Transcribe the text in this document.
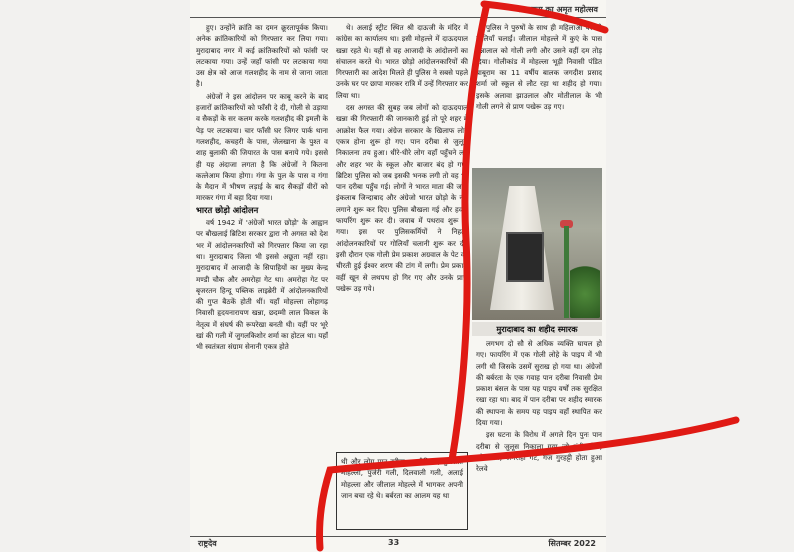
स्वतन्त्रता का अमृत महोत्सव

हुए। उन्होंने क्रांति का दमन क्रूरतापूर्वक किया। अनेक क्रांतिकारियों को गिरफ्तार कर लिया गया। मुरादाबाद नगर में कई क्रांतिकारियों को फांसी पर लटकाया गया। उन्हें जहाँ फांसी पर लटकाया गया उस क्षेत्र को आज गलशहीद के नाम से जाना जाता है।

अंग्रेजों ने इस आंदोलन पर काबू करने के बाद हजारों क्रांतिकारियों को फाँसी दे दी, गोली से उड़ाया व सैकड़ों के सर कलम करके गलशहीद की इमली के पेड़ पर लटकाया। चार फाँसी घर जिगर पार्क थाना गलशहीद, कचहरी के पास, जेलखाना के पुश्त व शाह बुलाकी की जियारत के पास बनाये गये। इससे ही यह अंदाजा लगता है कि अंग्रेजों ने कितना कत्लेआम किया होगा। गंगा के पुल के पास व गंगा के मैदान में भीषण लड़ाई के बाद सैकड़ों वीरों को मारकर गंगा में बहा दिया गया।

भारत छोड़ो आंदोलन

वर्ष 1942 में 'अंग्रेजों भारत छोड़ो' के आह्वान पर बौखलाई ब्रिटिश सरकार द्वारा नौ अगस्त को देश भर में आंदोलनकारियों को गिरफ्तार किया जा रहा था। मुरादाबाद जिला भी इससे अछूता नहीं रहा। मुरादाबाद में आजादी के सिपाहियों का मुख्य केन्द्र मण्डी चौक और अमरोहा गेट था। अमरोहा गेट पर बृजरतन हिन्दू पब्लिक लाइब्रेरी में आंदोलनकारियों की गुप्त बैठकें होती थीं। यहाँ मोहल्ला लोहागढ़ निवासी हृदयनारायण खन्ना, छदम्मी लाल विकल के नेतृत्व में संघर्ष की रूपरेखा बनती थी। यहीं पर भूरे खां की गली में जुगलकिशोर शर्मा का होटल था। यहाँ भी स्वतंत्रता संग्राम सेनानी एकत्र होते

थे। अलाई स्ट्रीट स्थित श्री दाऊजी के मंदिर में कांग्रेस का कार्यालय था। इसी मोहल्ले में दाऊदयाल खन्ना रहते थे। यहीं से वह आजादी के आंदोलनों का संचालन करते थे। भारत छोड़ो आंदोलनकारियों की गिरफ्तारी का आदेश मिलते ही पुलिस ने सबसे पहले उनके घर पर छापा मारकर रात्रि में उन्हें गिरफ्तार कर लिया था।

दस अगस्त की सुबह जब लोगों को दाऊदयाल खन्ना की गिरफ्तारी की जानकारी हुई तो पूरे शहर में आक्रोश फैल गया। अंग्रेज सरकार के खिलाफ लोग एकत्र होना शुरू हो गए। पान दरीबा से जुलूस निकालना तय हुआ। धीरे-धीरे लोग वहाँ पहुँचने लगे और शहर भर के स्कूल और बाजार बंद हो गए। ब्रिटिश पुलिस को जब इसकी भनक लगी तो वह भी पान दरीबा पहुँच गई। लोगों ने भारत माता की जय, इंकलाब जिन्दाबाद और अंग्रेजो भारत छोड़ो के नारे लगाने शुरू कर दिए। पुलिस बौखला गई और हवाई फायरिंग शुरू कर दी। जवाब में पथराव शुरू हो गया। इस पर पुलिसकर्मियों ने निहत्थे आंदोलनकारियों पर गोलियाँ चलानी शुरू कर दी। इसी दौरान एक गोली प्रेम प्रकाश अग्रवाल के पेट को चीरती हुई ईश्वर शरण की टांग में लगी। प्रेम प्रकाश वहीं खून से लथपथ हो गिर गए और उनके प्राण पखेरू उड़ गये।

थी और लोग पान दरीबा, कायीगिरान, गुजराती मोहल्ला, पुजेरी गली, दिलवाली गली, अलाई मोहल्ला और जीलाल मोहल्ले में भागकर अपनी जान बचा रहे थे। बर्बरता का आलम यह था

पुलिस ने पुरुषों के साथ ही महिलाओं पर भी गोलियाँ चलाईं। जीलाल मोहल्ले में कुएं के पास मुन्नालाल को गोली लगी और उसने वहीं दम तोड़ दिया। गोलीकांड में मोहल्ला भूड़ी निवासी पंडित बाबूराम का 11 वर्षीय बालक जगदीश प्रसाद शर्मा जो स्कूल से लौट रहा था शहीद हो गया। इसके अलावा झाउलाल और मोतीलाल के भी गोली लगने से प्राण पखेरू उड़ गए।

लगभग दो सौ से अधिक व्यक्ति घायल हो गए। फायरिंग में एक गोली लोहे के पाइप में भी लगी थी जिसके उसमें सुराख हो गया था। अंग्रेजों की बर्बरता के एक गवाह पान दरीबा निवासी प्रेम प्रकाश बंसल के पास यह पाइप वर्षों तक सुरक्षित रखा रहा था। बाद में पान दरीबा पर शहीद स्मारक की स्थापना के समय यह पाइप वहाँ स्थापित कर दिया गया।

इस घटना के विरोध में अगले दिन पुनः पान दरीबा से जुलूस निकाला गया जो मंडी चौक, कोतवाली, अमरोहा गेट, गंज गुरहट्टी होता हुआ रेलवे

मुरादाबाद का शहीद स्मारक
राष्ट्रदेव	33	सितम्बर 2022
